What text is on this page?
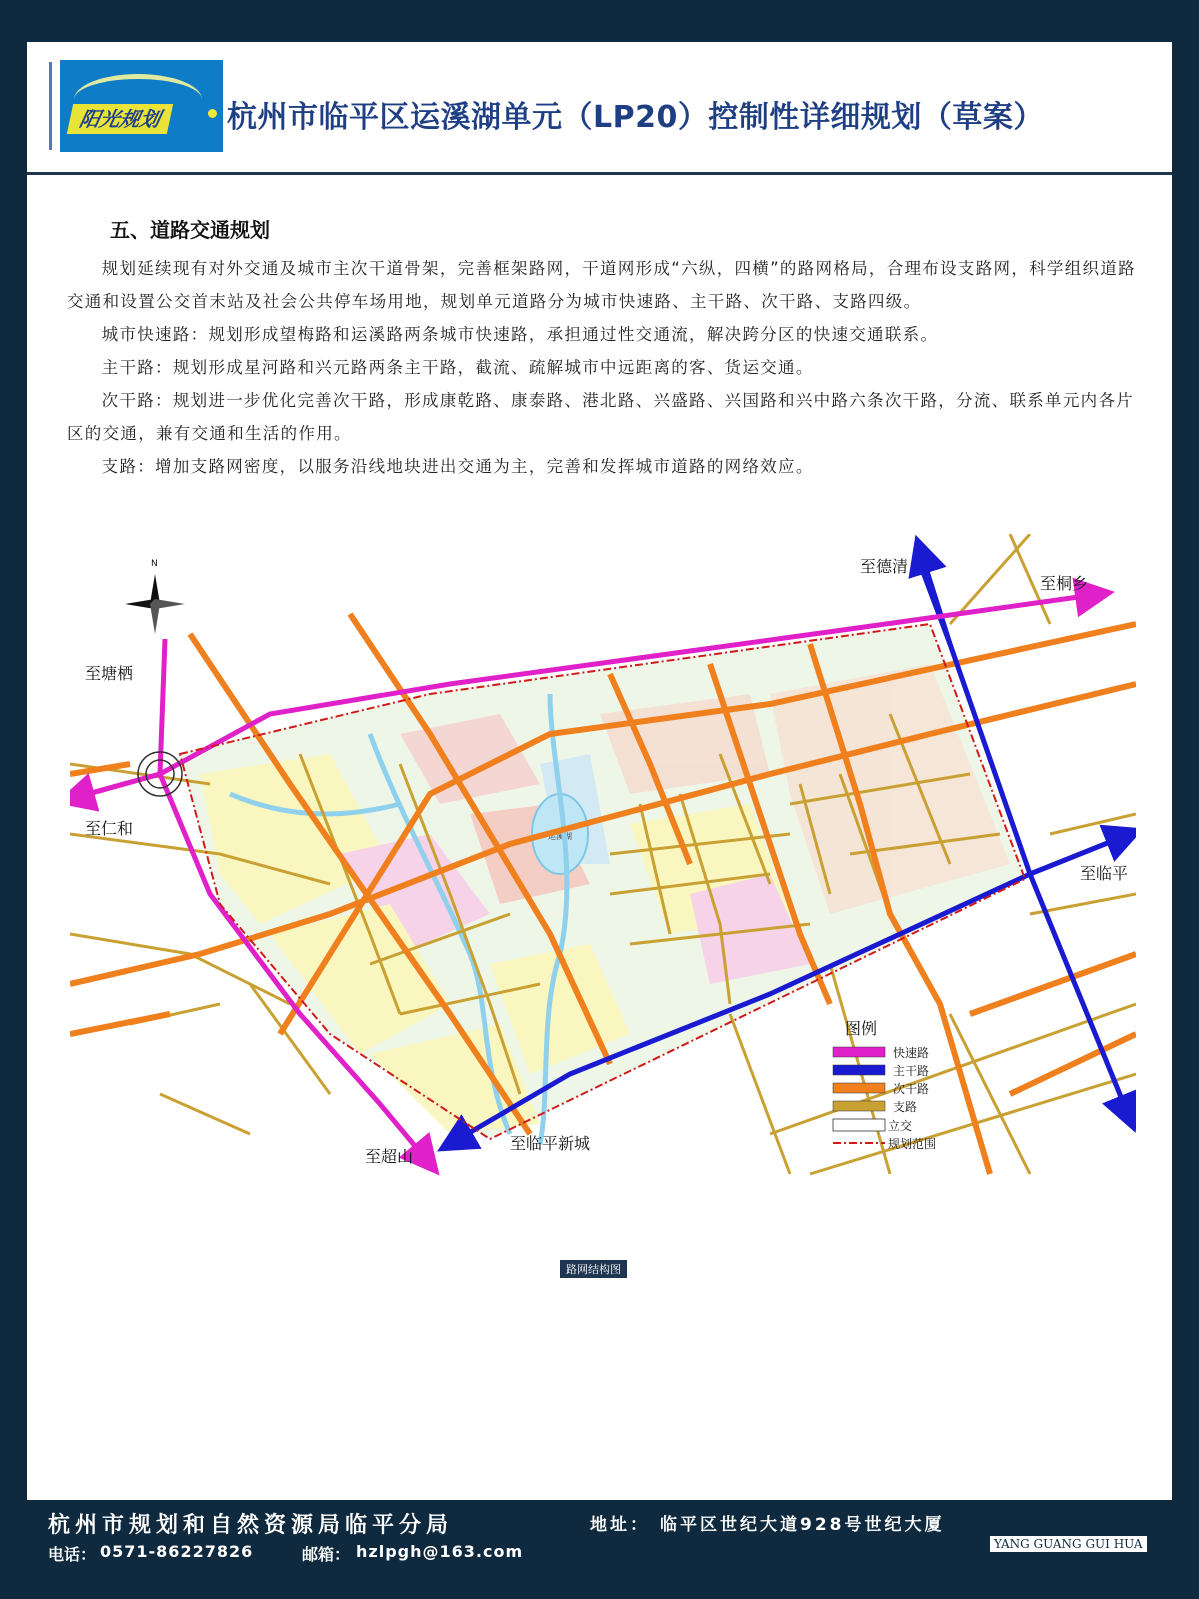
阳光规划	杭州市临平区运溪湖单元（LP20）控制性详细规划（草案）
五、道路交通规划

规划延续现有对外交通及城市主次干道骨架，完善框架路网，干道网形成“六纵，四横”的路网格局，合理布设支路网，科学组织道路交通和设置公交首末站及社会公共停车场用地，规划单元道路分为城市快速路、主干路、次干路、支路四级。

城市快速路：规划形成望梅路和运溪路两条城市快速路，承担通过性交通流，解决跨分区的快速交通联系。

主干路：规划形成星河路和兴元路两条主干路，截流、疏解城市中远距离的客、货运交通。

次干路：规划进一步优化完善次干路，形成康乾路、康泰路、港北路、兴盛路、兴国路和兴中路六条次干路，分流、联系单元内各片区的交通，兼有交通和生活的作用。

支路：增加支路网密度，以服务沿线地块进出交通为主，完善和发挥城市道路的网络效应。

运溪湖
N	至德清
至桐乡
至塘栖
至仁和
至临平
至超山
至临平新城
图例
快速路
主干路
次干路
支路
立交
规划范围
路网结构图
杭州市规划和自然资源局临平分局	地址： 临平区世纪大道928号世纪大厦
电话： 0571-86227826	邮箱： hzlpgh@163.com	YANG GUANG GUI HUA
